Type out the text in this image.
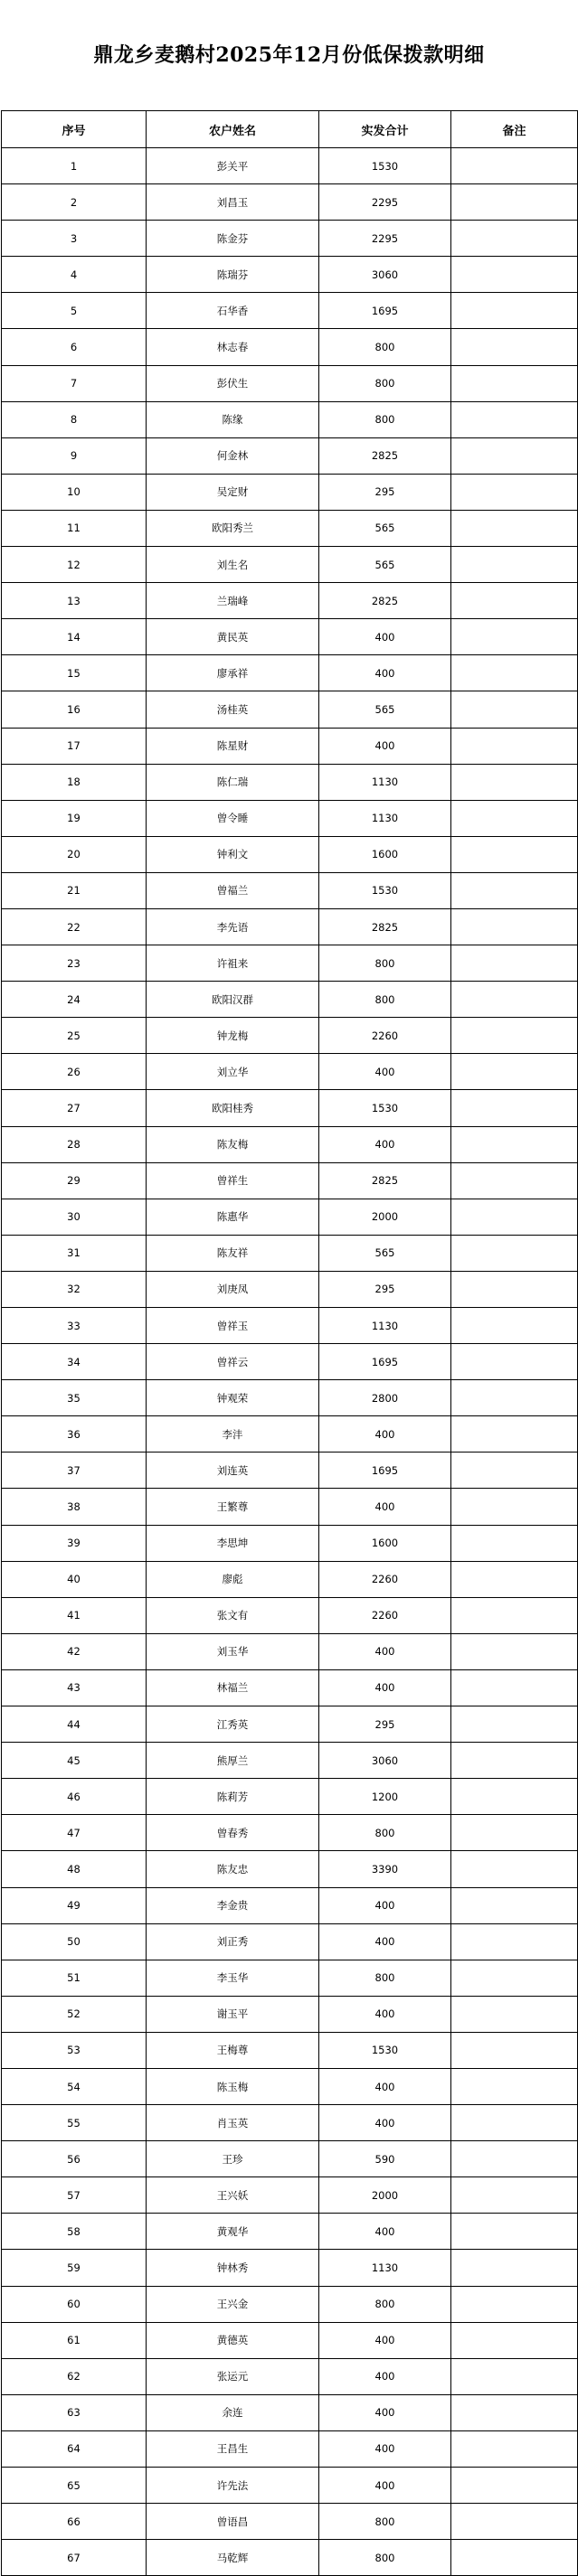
鼎龙乡麦鹅村2025年12月份低保拨款明细
序号	农户姓名	实发合计	备注
1	彭关平	1530	
2	刘昌玉	2295	
3	陈金芬	2295	
4	陈瑞芬	3060	
5	石华香	1695	
6	林志春	800	
7	彭伏生	800	
8	陈缘	800	
9	何金林	2825	
10	吴定财	295	
11	欧阳秀兰	565	
12	刘生名	565	
13	兰瑞峰	2825	
14	黄民英	400	
15	廖承祥	400	
16	汤桂英	565	
17	陈星财	400	
18	陈仁瑞	1130	
19	曾令睡	1130	
20	钟利文	1600	
21	曾福兰	1530	
22	李先语	2825	
23	许祖来	800	
24	欧阳汉群	800	
25	钟龙梅	2260	
26	刘立华	400	
27	欧阳桂秀	1530	
28	陈友梅	400	
29	曾祥生	2825	
30	陈惠华	2000	
31	陈友祥	565	
32	刘庚凤	295	
33	曾祥玉	1130	
34	曾祥云	1695	
35	钟观荣	2800	
36	李沣	400	
37	刘连英	1695	
38	王繁尊	400	
39	李思坤	1600	
40	廖彪	2260	
41	张文有	2260	
42	刘玉华	400	
43	林福兰	400	
44	江秀英	295	
45	熊厚兰	3060	
46	陈莉芳	1200	
47	曾春秀	800	
48	陈友忠	3390	
49	李金贵	400	
50	刘正秀	400	
51	李玉华	800	
52	谢玉平	400	
53	王梅尊	1530	
54	陈玉梅	400	
55	肖玉英	400	
56	王珍	590	
57	王兴妖	2000	
58	黄观华	400	
59	钟林秀	1130	
60	王兴金	800	
61	黄德英	400	
62	张运元	400	
63	余连	400	
64	王昌生	400	
65	许先法	400	
66	曾语昌	800	
67	马乾辉	800	
